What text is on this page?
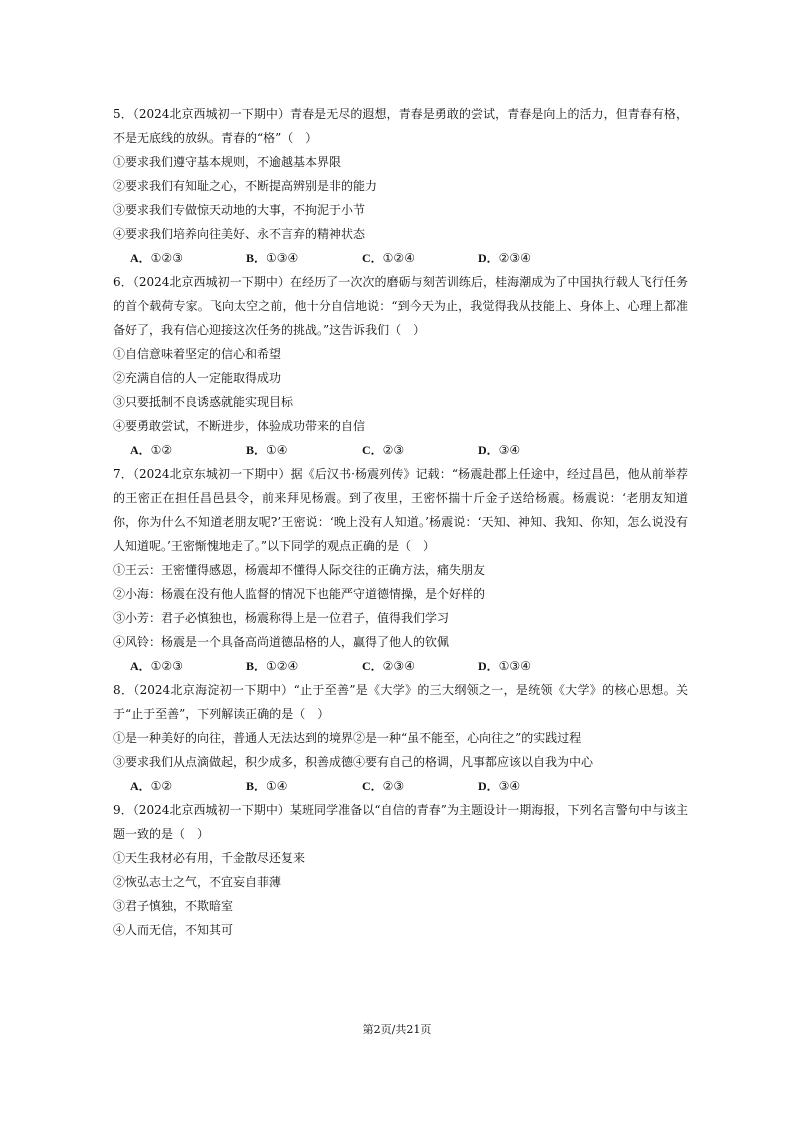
5．（2024北京西城初一下期中）青春是无尽的遐想，青春是勇敢的尝试，青春是向上的活力，但青春有格，不是无底线的放纵。青春的“格”（　）

①要求我们遵守基本规则，不逾越基本界限

②要求我们有知耻之心，不断提高辨别是非的能力

③要求我们专做惊天动地的大事，不拘泥于小节

④要求我们培养向往美好、永不言弃的精神状态

A．①②③	B．①③④	C．①②④	D．②③④

6．（2024北京西城初一下期中）在经历了一次次的磨砺与刻苦训练后，桂海潮成为了中国执行载人飞行任务的首个载荷专家。飞向太空之前，他十分自信地说：“到今天为止，我觉得我从技能上、身体上、心理上都准备好了，我有信心迎接这次任务的挑战。”这告诉我们（　）

①自信意味着坚定的信心和希望

②充满自信的人一定能取得成功

③只要抵制不良诱惑就能实现目标

④要勇敢尝试，不断进步，体验成功带来的自信

A．①②	B．①④	C．②③	D．③④

7．（2024北京东城初一下期中）据《后汉书·杨震列传》记载：“杨震赴郡上任途中，经过昌邑，他从前举荐的王密正在担任昌邑县令，前来拜见杨震。到了夜里，王密怀揣十斤金子送给杨震。杨震说：‘老朋友知道你，你为什么不知道老朋友呢?’王密说：‘晚上没有人知道。’杨震说：‘天知、神知、我知、你知，怎么说没有人知道呢。’王密惭愧地走了。”以下同学的观点正确的是（　）

①王云：王密懂得感恩，杨震却不懂得人际交往的正确方法，痛失朋友

②小海：杨震在没有他人监督的情况下也能严守道德情操，是个好样的

③小芳：君子必慎独也，杨震称得上是一位君子，值得我们学习

④风铃：杨震是一个具备高尚道德品格的人，赢得了他人的钦佩

A．①②③	B．①②④	C．②③④	D．①③④

8．（2024北京海淀初一下期中）“止于至善”是《大学》的三大纲领之一，是统领《大学》的核心思想。关于“止于至善”，下列解读正确的是（　）

①是一种美好的向往，普通人无法达到的境界②是一种“虽不能至，心向往之”的实践过程

③要求我们从点滴做起，积少成多，积善成德④要有自己的格调，凡事都应该以自我为中心

A．①②	B．①④	C．②③	D．③④

9．（2024北京西城初一下期中）某班同学准备以“自信的青春”为主题设计一期海报，下列名言警句中与该主题一致的是（　）

①天生我材必有用，千金散尽还复来

②恢弘志士之气，不宜妄自菲薄

③君子慎独，不欺暗室

④人而无信，不知其可

第2页/共21页
